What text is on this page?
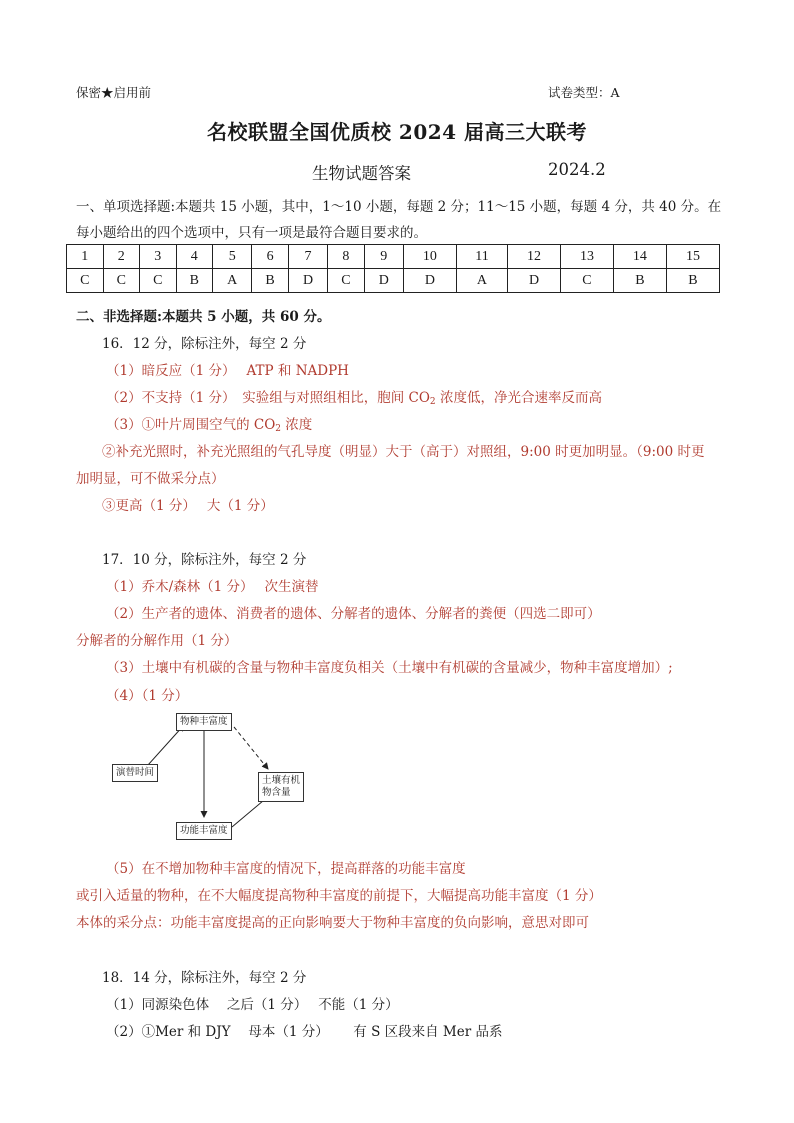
保密★启用前	试卷类型：A
名校联盟全国优质校 2024 届高三大联考
生物试题答案	2024.2
一、单项选择题:本题共 15 小题，其中，1～10 小题，每题 2 分；11～15 小题，每题 4 分，共 40 分。在
每小题给出的四个选项中，只有一项是最符合题目要求的。
1	2	3	4	5	6	7	8	9	10	11	12	13	14	15
C	C	C	B	A	B	D	C	D	D	A	D	C	B	B
二、非选择题:本题共 5 小题，共 60 分。
16．12 分，除标注外，每空 2 分
（1）暗反应（1 分）　 ATP 和 NADPH
（2）不支持（1 分）　实验组与对照组相比，胞间 $CO_2$ 浓度低，净光合速率反而高
（3）①叶片周围空气的 $CO_2$ 浓度
②补充光照时，补充光照组的气孔导度（明显）大于（高于）对照组，9:00 时更加明显。（9:00 时更
加明显，可不做采分点）
③更高（1 分）　 大（1 分）
17．10 分，除标注外，每空 2 分
（1）乔木/森林（1 分）　 次生演替
（2）生产者的遗体、消费者的遗体、分解者的遗体、分解者的粪便（四选二即可）
分解者的分解作用（1 分）
（3）土壤中有机碳的含量与物种丰富度负相关（土壤中有机碳的含量减少，物种丰富度增加）;
（4）（1 分）
物种丰富度
演替时间
土壤有机
物含量
功能丰富度
（5）在不增加物种丰富度的情况下，提高群落的功能丰富度
或引入适量的物种，在不大幅度提高物种丰富度的前提下，大幅提高功能丰富度（1 分）
本体的采分点：功能丰富度提高的正向影响要大于物种丰富度的负向影响，意思对即可
18．14 分，除标注外，每空 2 分
（1）同源染色体　 之后（1 分）　 不能（1 分）
（2）①Mer 和 DJY　 母本（1 分）　　 有 S 区段来自 Mer 品系
